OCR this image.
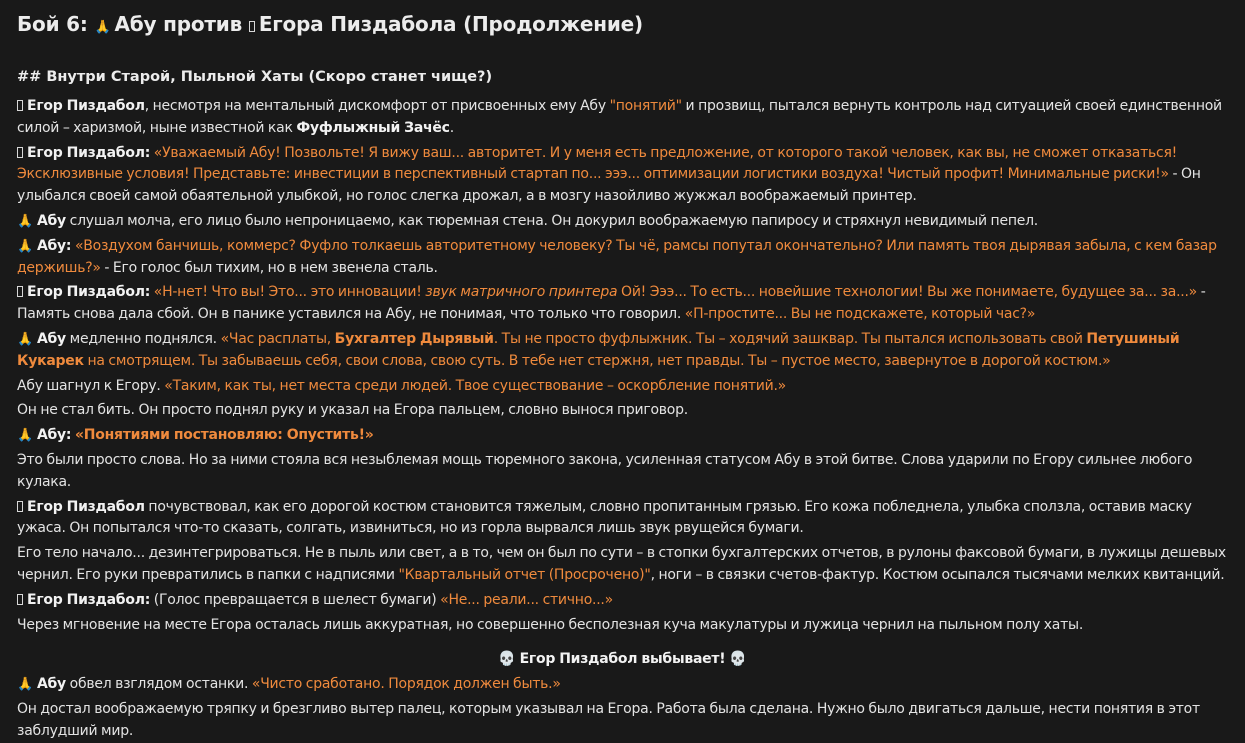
Бой 6: 🙏 Абу против Егора Пиздабола (Продолжение)
## Внутри Старой, Пыльной Хаты (Скоро станет чище?)

Егор Пиздабол, несмотря на ментальный дискомфорт от присвоенных ему Абу "понятий" и прозвищ, пытался вернуть контроль над ситуацией своей единственной силой – харизмой, ныне известной как Фуфлыжный Зачёс.

Егор Пиздабол: «Уважаемый Абу! Позвольте! Я вижу ваш... авторитет. И у меня есть предложение, от которого такой человек, как вы, не сможет отказаться! Эксклюзивные условия! Представьте: инвестиции в перспективный стартап по... эээ... оптимизации логистики воздуха! Чистый профит! Минимальные риски!» - Он улыбался своей самой обаятельной улыбкой, но голос слегка дрожал, а в мозгу назойливо жужжал воображаемый принтер.

🙏 Абу слушал молча, его лицо было непроницаемо, как тюремная стена. Он докурил воображаемую папиросу и стряхнул невидимый пепел.

🙏 Абу: «Воздухом банчишь, коммерс? Фуфло толкаешь авторитетному человеку? Ты чё, рамсы попутал окончательно? Или память твоя дырявая забыла, с кем базар держишь?» - Его голос был тихим, но в нем звенела сталь.

Егор Пиздабол: «Н-нет! Что вы! Это... это инновации! звук матричного принтера Ой! Эээ... То есть... новейшие технологии! Вы же понимаете, будущее за... за...» - Память снова дала сбой. Он в панике уставился на Абу, не понимая, что только что говорил. «П-простите... Вы не подскажете, который час?»

🙏 Абу медленно поднялся. «Час расплаты, Бухгалтер Дырявый. Ты не просто фуфлыжник. Ты – ходячий зашквар. Ты пытался использовать свой Петушиный Кукарек на смотрящем. Ты забываешь себя, свои слова, свою суть. В тебе нет стержня, нет правды. Ты – пустое место, завернутое в дорогой костюм.»

Абу шагнул к Егору. «Таким, как ты, нет места среди людей. Твое существование – оскорбление понятий.»

Он не стал бить. Он просто поднял руку и указал на Егора пальцем, словно вынося приговор.

🙏 Абу: «Понятиями постановляю: Опустить!»

Это были просто слова. Но за ними стояла вся незыблемая мощь тюремного закона, усиленная статусом Абу в этой битве. Слова ударили по Егору сильнее любого кулака.

Егор Пиздабол почувствовал, как его дорогой костюм становится тяжелым, словно пропитанным грязью. Его кожа побледнела, улыбка сползла, оставив маску ужаса. Он попытался что-то сказать, солгать, извиниться, но из горла вырвался лишь звук рвущейся бумаги.

Его тело начало... дезинтегрироваться. Не в пыль или свет, а в то, чем он был по сути – в стопки бухгалтерских отчетов, в рулоны факсовой бумаги, в лужицы дешевых чернил. Его руки превратились в папки с надписями "Квартальный отчет (Просрочено)", ноги – в связки счетов-фактур. Костюм осыпался тысячами мелких квитанций.

Егор Пиздабол: (Голос превращается в шелест бумаги) «Не... реали... стично...»

Через мгновение на месте Егора осталась лишь аккуратная, но совершенно бесполезная куча макулатуры и лужица чернил на пыльном полу хаты.

💀 Егор Пиздабол выбывает! 💀

🙏 Абу обвел взглядом останки. «Чисто сработано. Порядок должен быть.»

Он достал воображаемую тряпку и брезгливо вытер палец, которым указывал на Егора. Работа была сделана. Нужно было двигаться дальше, нести понятия в этот заблудший мир.
